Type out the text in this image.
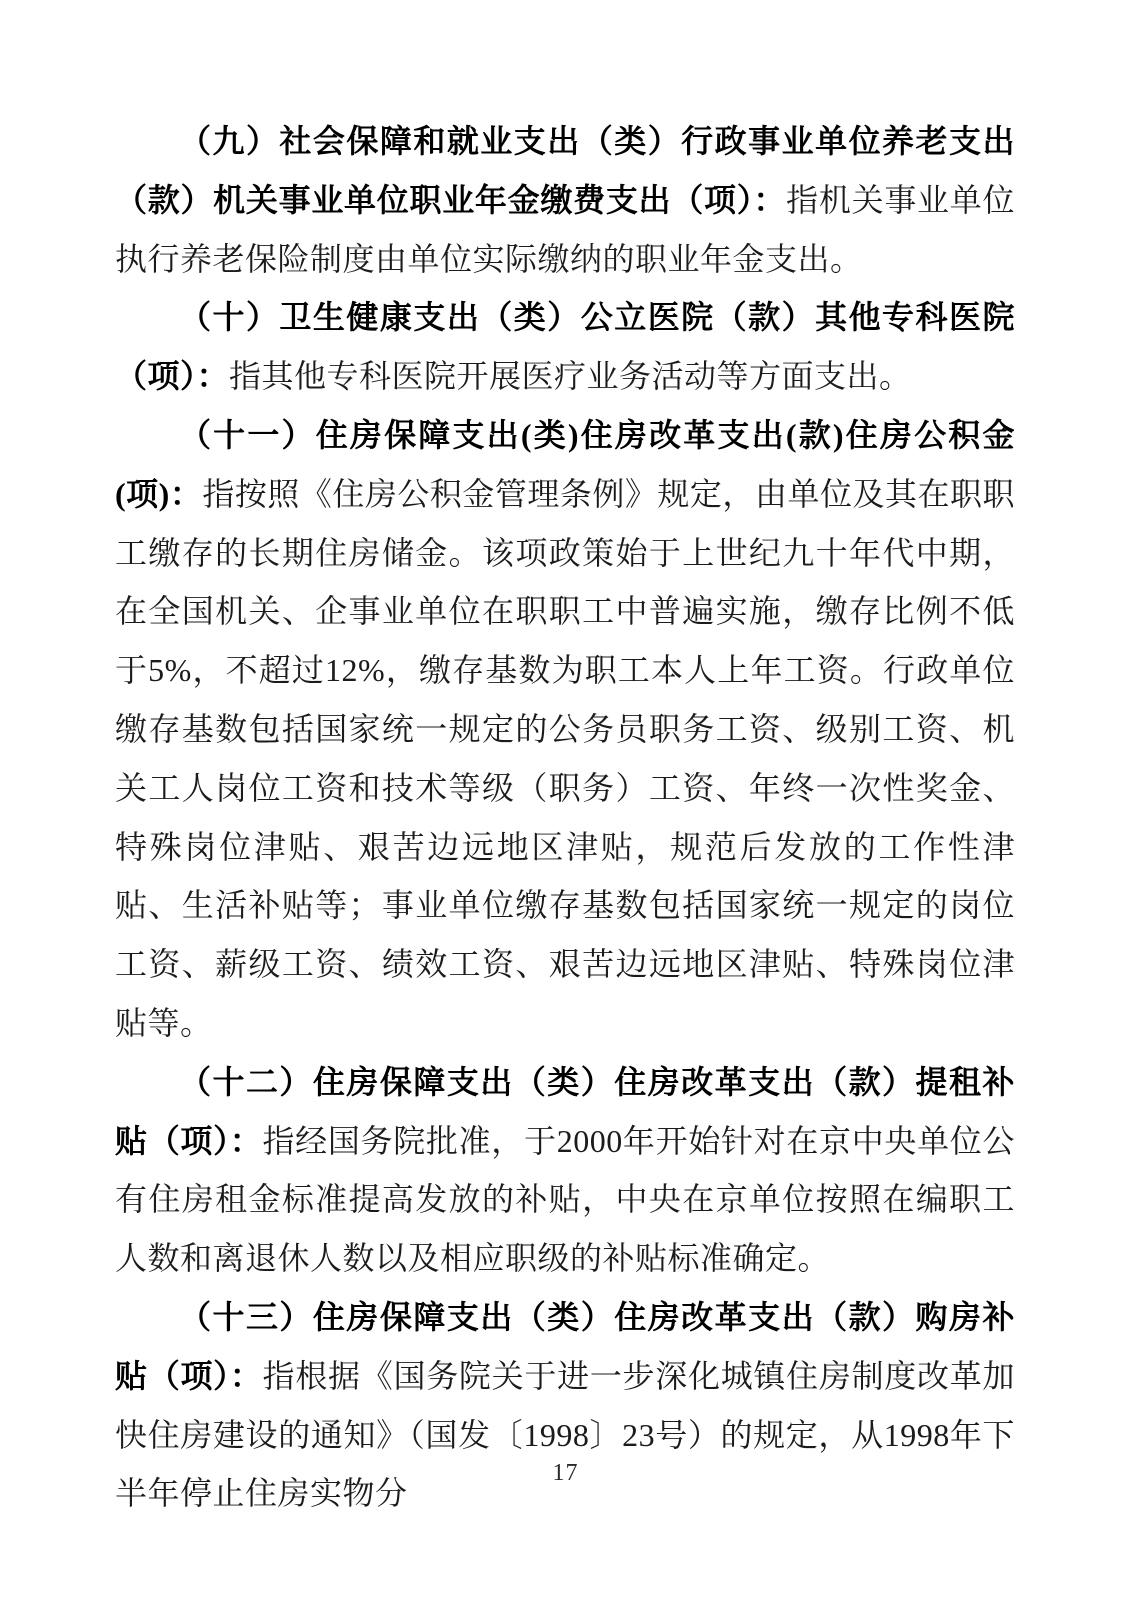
（九）社会保障和就业支出（类）行政事业单位养老支出（款）机关事业单位职业年金缴费支出（项）：指机关事业单位执行养老保险制度由单位实际缴纳的职业年金支出。

（十）卫生健康支出（类）公立医院（款）其他专科医院（项）：指其他专科医院开展医疗业务活动等方面支出。

（十一）住房保障支出(类)住房改革支出(款)住房公积金(项)：指按照《住房公积金管理条例》规定，由单位及其在职职工缴存的长期住房储金。该项政策始于上世纪九十年代中期，在全国机关、企事业单位在职职工中普遍实施，缴存比例不低于5%，不超过12%，缴存基数为职工本人上年工资。行政单位缴存基数包括国家统一规定的公务员职务工资、级别工资、机关工人岗位工资和技术等级（职务）工资、年终一次性奖金、特殊岗位津贴、艰苦边远地区津贴，规范后发放的工作性津贴、生活补贴等；事业单位缴存基数包括国家统一规定的岗位工资、薪级工资、绩效工资、艰苦边远地区津贴、特殊岗位津贴等。

（十二）住房保障支出（类）住房改革支出（款）提租补贴（项）：指经国务院批准，于2000年开始针对在京中央单位公有住房租金标准提高发放的补贴，中央在京单位按照在编职工人数和离退休人数以及相应职级的补贴标准确定。

（十三）住房保障支出（类）住房改革支出（款）购房补贴（项）：指根据《国务院关于进一步深化城镇住房制度改革加快住房建设的通知》（国发〔1998〕23号）的规定，从1998年下半年停止住房实物分

17
